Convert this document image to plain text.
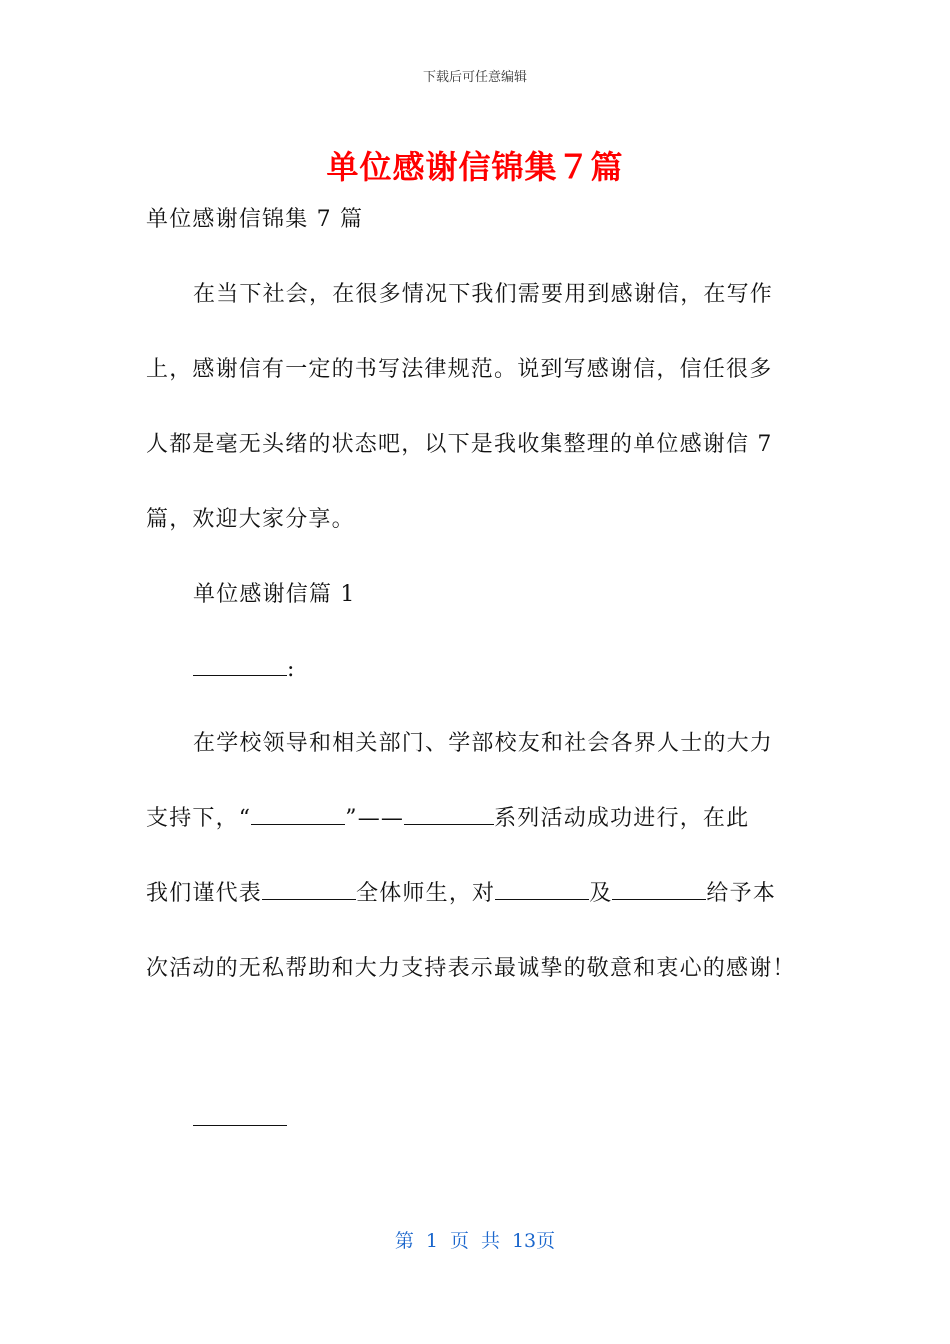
下载后可任意编辑
单位感谢信锦集７篇
单位感谢信锦集 7 篇
在当下社会，在很多情况下我们需要用到感谢信，在写作
上，感谢信有一定的书写法律规范。说到写感谢信，信任很多
人都是毫无头绪的状态吧，以下是我收集整理的单位感谢信 7
篇，欢迎大家分享。
单位感谢信篇 1
:
在学校领导和相关部门、学部校友和社会各界人士的大力
支持下，“	”——	系列活动成功进行，在此
我们谨代表	全体师生，对	及	给予本
次活动的无私帮助和大力支持表示最诚挚的敬意和衷心的感谢！
第 1 页 共 13页
